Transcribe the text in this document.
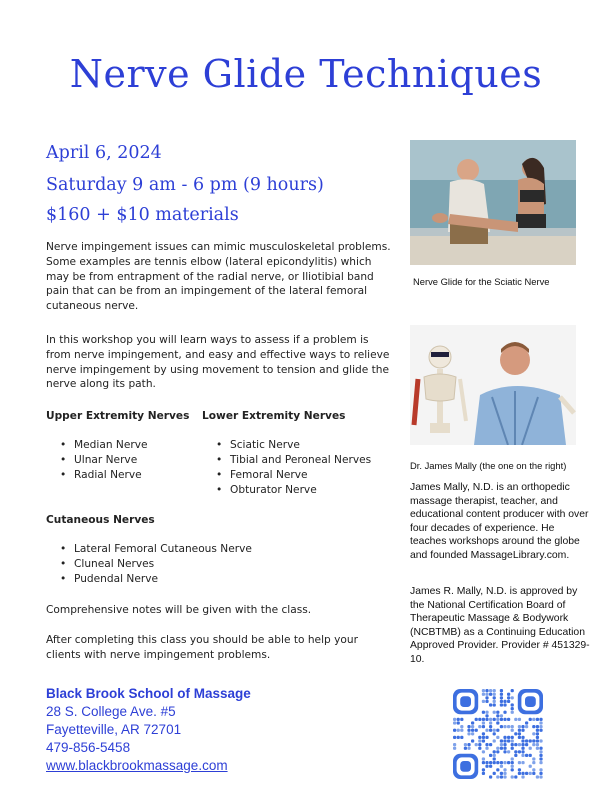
Nerve Glide Techniques
April 6, 2024
Saturday 9 am - 6 pm (9 hours)
$160 + $10 materials
Nerve impingement issues can mimic musculoskeletal problems. Some examples are tennis elbow (lateral epicondylitis) which may be from entrapment of the radial nerve, or Iliotibial band pain that can be from an impingement of the lateral femoral cutaneous nerve.
In this workshop you will learn ways to assess if a problem is from nerve impingement, and easy and effective ways to relieve nerve impingement by using movement to tension and glide the nerve along its path.
Upper Extremity Nerves
• Median Nerve
• Ulnar Nerve
• Radial Nerve
Lower Extremity Nerves
• Sciatic Nerve
• Tibial and Peroneal Nerves
• Femoral Nerve
• Obturator Nerve
Cutaneous Nerves
• Lateral Femoral Cutaneous Nerve
• Cluneal Nerves
• Pudendal Nerve
Comprehensive notes will be given with the class.
After completing this class you should be able to help your clients with nerve impingement problems.
Nerve Glide for the Sciatic Nerve
Dr. James Mally (the one on the right)
James Mally, N.D. is an orthopedic massage therapist, teacher, and educational content producer with over four decades of experience. He teaches workshops around the globe and founded MassageLibrary.com.
James R. Mally, N.D. is approved by the National Certification Board of Therapeutic Massage & Bodywork (NCBTMB) as a Continuing Education Approved Provider. Provider # 451329-10.
Black Brook School of Massage
28 S. College Ave. #5
Fayetteville, AR 72701
479-856-5458
www.blackbrookmassage.com
